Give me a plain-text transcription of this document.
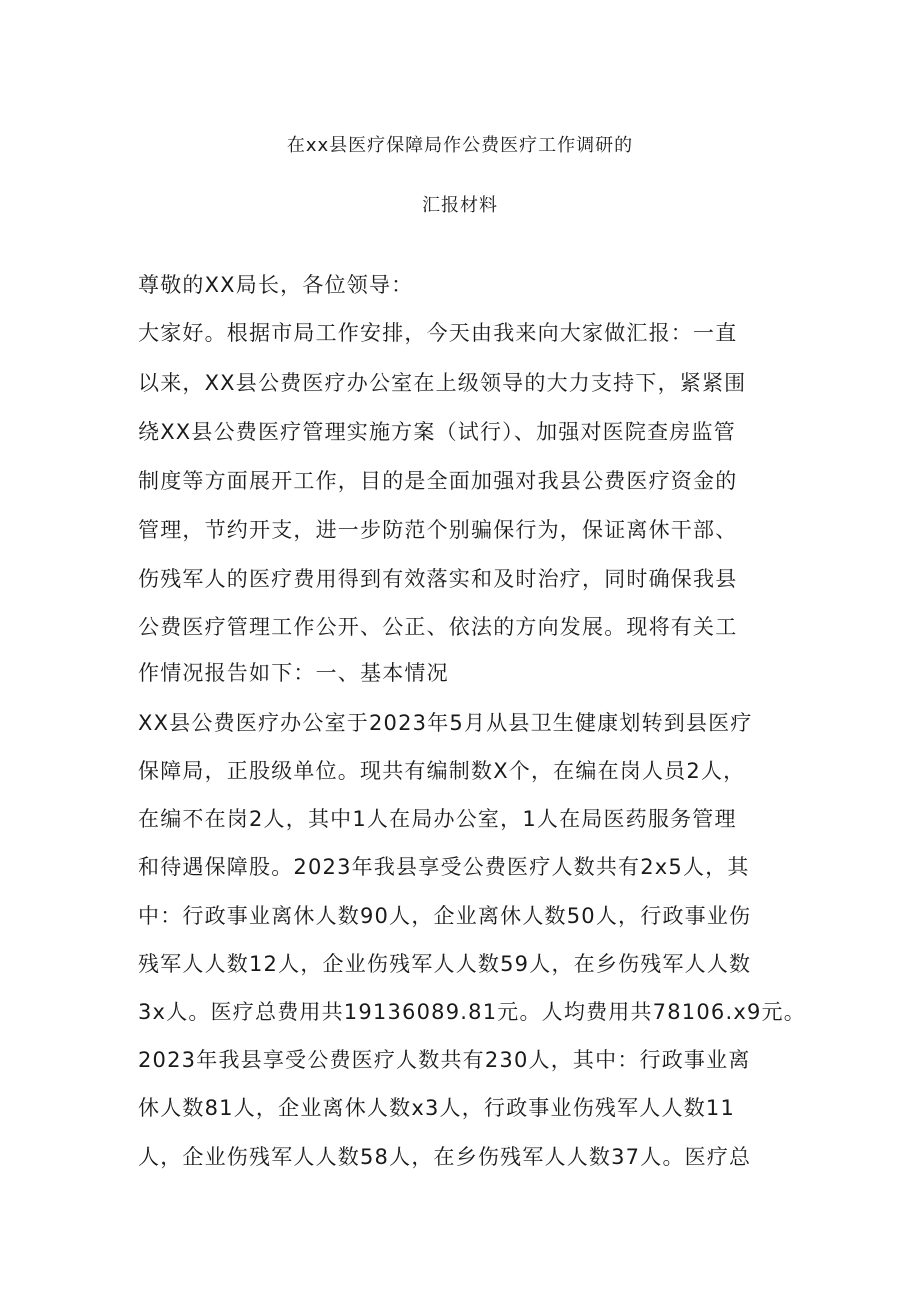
在xx县医疗保障局作公费医疗工作调研的
汇报材料
尊敬的XX局长，各位领导：
大家好。根据市局工作安排，今天由我来向大家做汇报：一直
以来，XX县公费医疗办公室在上级领导的大力支持下，紧紧围
绕XX县公费医疗管理实施方案（试行）、加强对医院查房监管
制度等方面展开工作，目的是全面加强对我县公费医疗资金的
管理，节约开支，进一步防范个别骗保行为，保证离休干部、
伤残军人的医疗费用得到有效落实和及时治疗，同时确保我县
公费医疗管理工作公开、公正、依法的方向发展。现将有关工
作情况报告如下：一、基本情况
XX县公费医疗办公室于2023年5月从县卫生健康划转到县医疗
保障局，正股级单位。现共有编制数X个，在编在岗人员2人，
在编不在岗2人，其中1人在局办公室，1人在局医药服务管理
和待遇保障股。2023年我县享受公费医疗人数共有2x5人，其
中：行政事业离休人数90人，企业离休人数50人，行政事业伤
残军人人数12人，企业伤残军人人数59人，在乡伤残军人人数
3x人。医疗总费用共19136089.81元。人均费用共78106.x9元。
2023年我县享受公费医疗人数共有230人，其中：行政事业离
休人数81人，企业离休人数x3人，行政事业伤残军人人数11
人，企业伤残军人人数58人，在乡伤残军人人数37人。医疗总
